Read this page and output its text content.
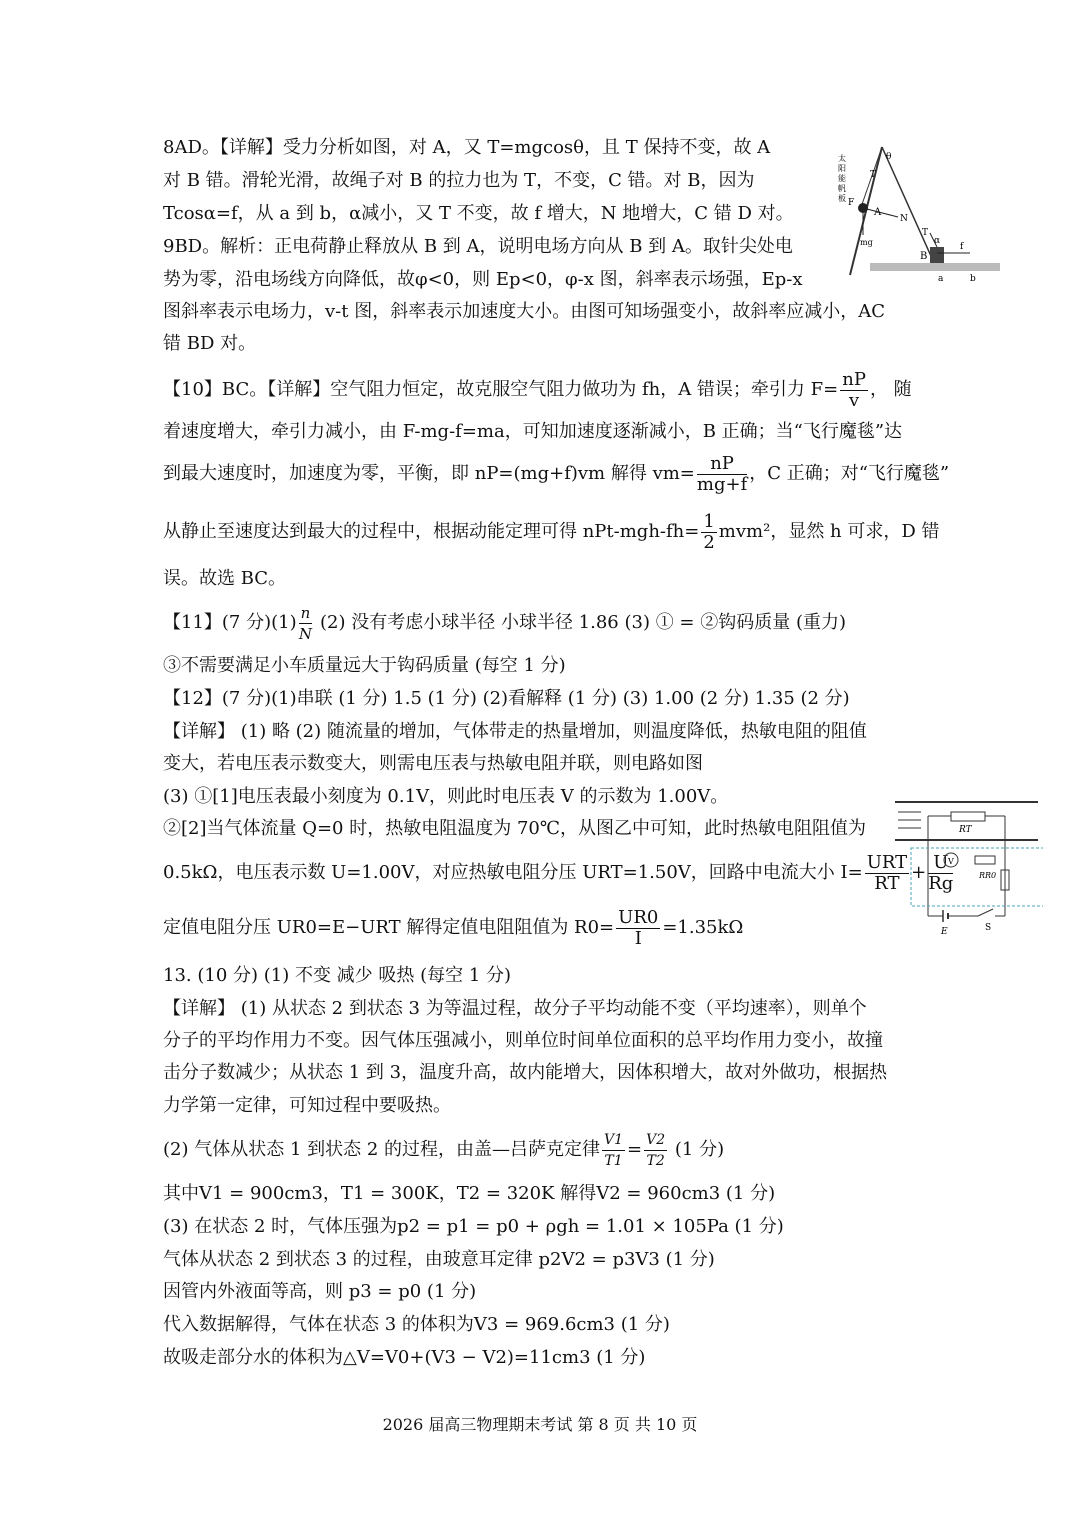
8AD。【详解】受力分析如图，对 A，又 T=mgcosθ，且 T 保持不变，故 A
对 B 错。滑轮光滑，故绳子对 B 的拉力也为 T，不变，C 错。对 B，因为
Tcosα=f，从 a 到 b，α减小，又 T 不变，故 f 增大，N 地增大，C 错 D 对。
9BD。解析：正电荷静止释放从 B 到 A，说明电场方向从 B 到 A。取针尖处电
势为零，沿电场线方向降低，故φ<0，则 Ep<0，φ-x 图，斜率表示场强，Ep-x
图斜率表示电场力，v-t 图，斜率表示加速度大小。由图可知场强变小，故斜率应减小，AC
错 BD 对。
太
阳
能
帆
板
θ
T
F
A
N
mg
T
B
α
f
a	b
【10】BC。【详解】空气阻力恒定，故克服空气阻力做功为 fh，A 错误；牵引力 $F= \frac{nP}{v}$ ， 随
着速度增大，牵引力减小，由 F-mg-f=ma，可知加速度逐渐减小，B 正确；当“飞行魔毯”达
到最大速度时，加速度为零，平衡，即 nP=(mg+f)vm 解得 $vm= \frac{nP}{mg+f}$ ，C 正确；对“飞行魔毯”
从静止至速度达到最大的过程中，根据动能定理可得 $nPt-mgh-fh= \frac{1}{2} mvm^2$，显然 h 可求，D 错
误。故选 BC。
【11】(7 分)$(1) \frac{n}{N} (2)$ 没有考虑小球半径 小球半径 1.86 (3) ① = ②钩码质量 (重力)
③不需要满足小车质量远大于钩码质量 (每空 1 分)
【12】(7 分)(1)串联 (1 分) 1.5 (1 分) (2)看解释 (1 分) (3) 1.00 (2 分) 1.35 (2 分)
【详解】 (1) 略 (2) 随流量的增加，气体带走的热量增加，则温度降低，热敏电阻的阻值
变大，若电压表示数变大，则需电压表与热敏电阻并联，则电路如图
(3) ①[1]电压表最小刻度为 0.1V，则此时电压表 V 的示数为 1.00V。
②[2]当气体流量 Q=0 时，热敏电阻温度为 70℃，从图乙中可知，此时热敏电阻阻值为
0.5kΩ，电压表示数 U=1.00V，对应热敏电阻分压 URT=1.50V，回路中电流大小 $I= \frac{\text{URT}}{RT} + \frac{U}{Rg}$
定值电阻分压 UR0=E−URT 解得定值电阻阻值为 $R0= \frac{UR0}{I} =1.35k\Omega$
RT
V
RR0
E	S
13. (10 分) (1) 不变 减少 吸热 (每空 1 分)
【详解】 (1) 从状态 2 到状态 3 为等温过程，故分子平均动能不变（平均速率），则单个
分子的平均作用力不变。因气体压强减小，则单位时间单位面积的总平均作用力变小，故撞
击分子数减少；从状态 1 到 3，温度升高，故内能增大，因体积增大，故对外做功，根据热
力学第一定律，可知过程中要吸热。
(2) 气体从状态 1 到状态 2 的过程，由盖—吕萨克定律 $\frac{V1}{T1} = \frac{V2}{T2} (1$ 分)
其中V1 = 900cm3，T1 = 300K，T2 = 320K 解得V2 = 960cm3 (1 分)
(3) 在状态 2 时，气体压强为p2 = p1 = p0 + ρgh = 1.01 × 105Pa (1 分)
气体从状态 2 到状态 3 的过程，由玻意耳定律 p2V2 = p3V3 (1 分)
因管内外液面等高，则 p3 = p0 (1 分)
代入数据解得，气体在状态 3 的体积为V3 = 969.6cm3 (1 分)
故吸走部分水的体积为△V=V0+(V3 − V2)=11cm3 (1 分)
2026 届高三物理期末考试 第 8 页 共 10 页
